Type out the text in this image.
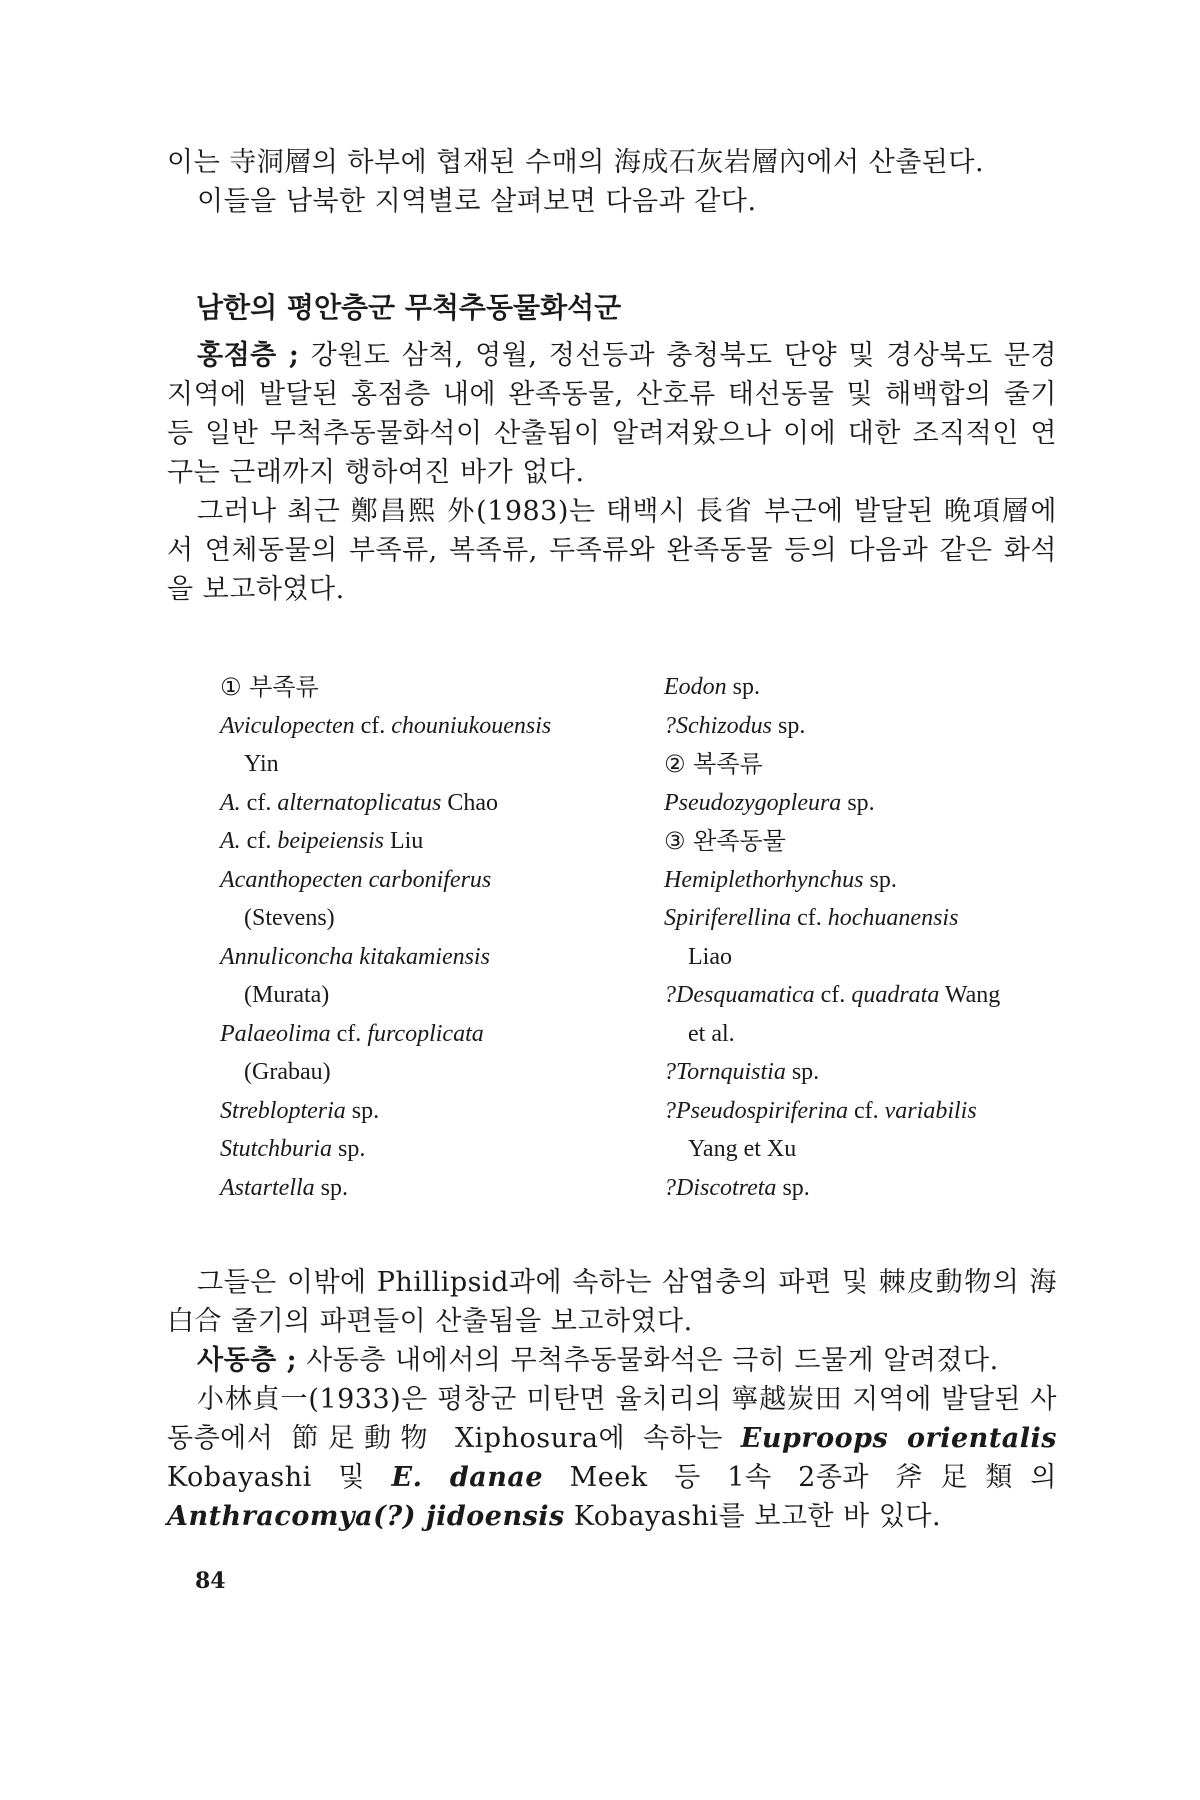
이는 寺洞層의 하부에 협재된 수매의 海成石灰岩層內에서 산출된다.

이들을 남북한 지역별로 살펴보면 다음과 같다.

남한의 평안층군 무척추동물화석군

홍점층 ; 강원도 삼척, 영월, 정선등과 충청북도 단양 및 경상북도 문경지역에 발달된 홍점층 내에 완족동물, 산호류 태선동물 및 해백합의 줄기 등 일반 무척추동물화석이 산출됨이 알려져왔으나 이에 대한 조직적인 연구는 근래까지 행하여진 바가 없다.

그러나 최근 鄭昌熙 外(1983)는 태백시 長省 부근에 발달된 晩項層에서 연체동물의 부족류, 복족류, 두족류와 완족동물 등의 다음과 같은 화석을 보고하였다.

① 부족류
Aviculopecten cf. chouniukouensis
Yin
A. cf. alternatoplicatus Chao
A. cf. beipeiensis Liu
Acanthopecten carboniferus
(Stevens)
Annuliconcha kitakamiensis
(Murata)
Palaeolima cf. furcoplicata
(Grabau)
Streblopteria sp.
Stutchburia sp.
Astartella sp.
Eodon sp.
?Schizodus sp.
② 복족류
Pseudozygopleura sp.
③ 완족동물
Hemiplethorhynchus sp.
Spiriferellina cf. hochuanensis
Liao
?Desquamatica cf. quadrata Wang
et al.
?Tornquistia sp.
?Pseudospiriferina cf. variabilis
Yang et Xu
?Discotreta sp.

그들은 이밖에 Phillipsid과에 속하는 삼엽충의 파편 및 棘皮動物의 海白合 줄기의 파편들이 산출됨을 보고하였다.

사동층 ; 사동층 내에서의 무척추동물화석은 극히 드물게 알려졌다.

小林貞一(1933)은 평창군 미탄면 율치리의 寧越炭田 지역에 발달된 사동층에서 節足動物 Xiphosura에 속하는 Euproops orientalis Kobayashi 및 E. danae Meek 등 1속 2종과 斧足類의 Anthracomya(?) jidoensis Kobayashi를 보고한 바 있다.

84
